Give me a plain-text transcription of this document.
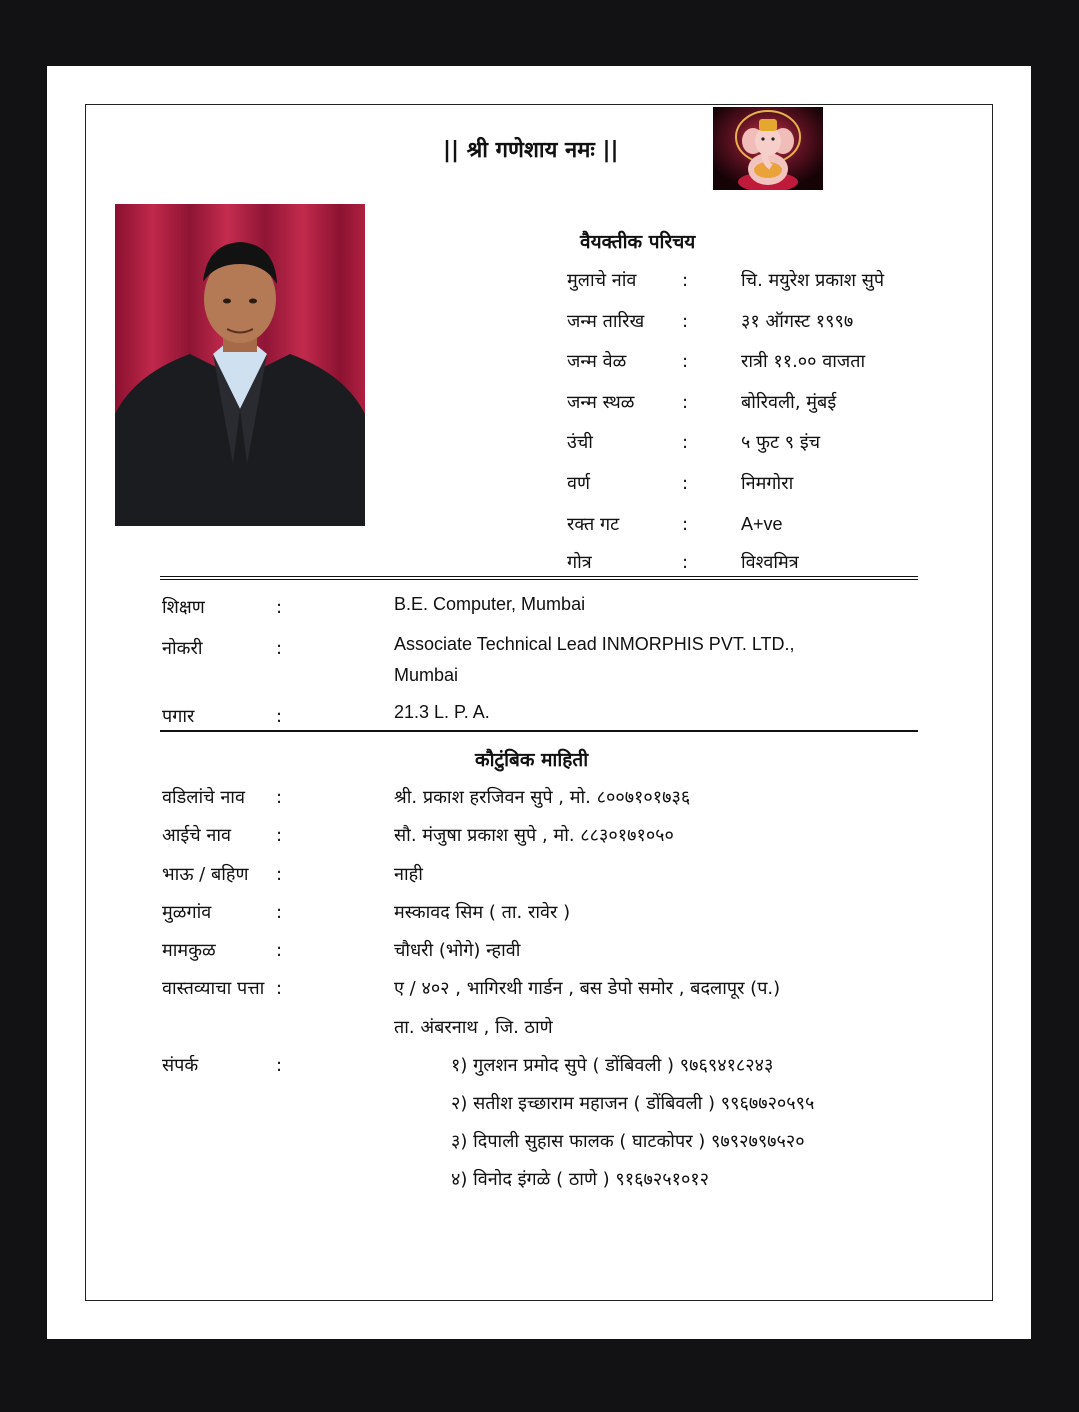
|| श्री गणेशाय नमः ||
वैयक्तीक परिचय
मुलाचे नांव	:	चि. मयुरेश प्रकाश सुपे
जन्म तारिख :	३१ ऑगस्ट १९९७
जन्म वेळ	:	रात्री ११.०० वाजता
जन्म स्थळ	:	बोरिवली, मुंबई
उंची	:	५ फुट ९ इंच
वर्ण	:	निमगोरा
रक्त गट	:	A+ve
गोत्र	:	विश्‍वमित्र
शिक्षण	:	B.E. Computer, Mumbai
नोकरी	:	Associate Technical Lead INMORPHIS PVT. LTD.,
Mumbai
पगार	:	21.3 L. P. A.
कौटुंबिक माहिती
वडिलांचे नाव :	श्री. प्रकाश हरजिवन सुपे , मो. ८००७१०१७३६
आईचे नाव :	सौ. मंजुषा प्रकाश सुपे , मो. ८८३०१७१०५०
भाऊ / बहिण :	नाही
मुळगांव	:	मस्कावद सिम ( ता. रावेर )
मामकुळ	:	चौधरी (भोगे) न्हावी
वास्तव्याचा पत्ता :	ए / ४०२ , भागिरथी गार्डन , बस डेपो समोर , बदलापूर (प.)
ता. अंबरनाथ , जि. ठाणे
संपर्क	:	१) गुलशन प्रमोद सुपे ( डोंबिवली ) ९७६९४१८२४३
२) सतीश इच्छाराम महाजन ( डोंबिवली ) ९९६७७२०५९५
३) दिपाली सुहास फालक ( घाटकोपर ) ९७९२७९७५२०
४) विनोद इंगळे ( ठाणे ) ९१६७२५१०१२
